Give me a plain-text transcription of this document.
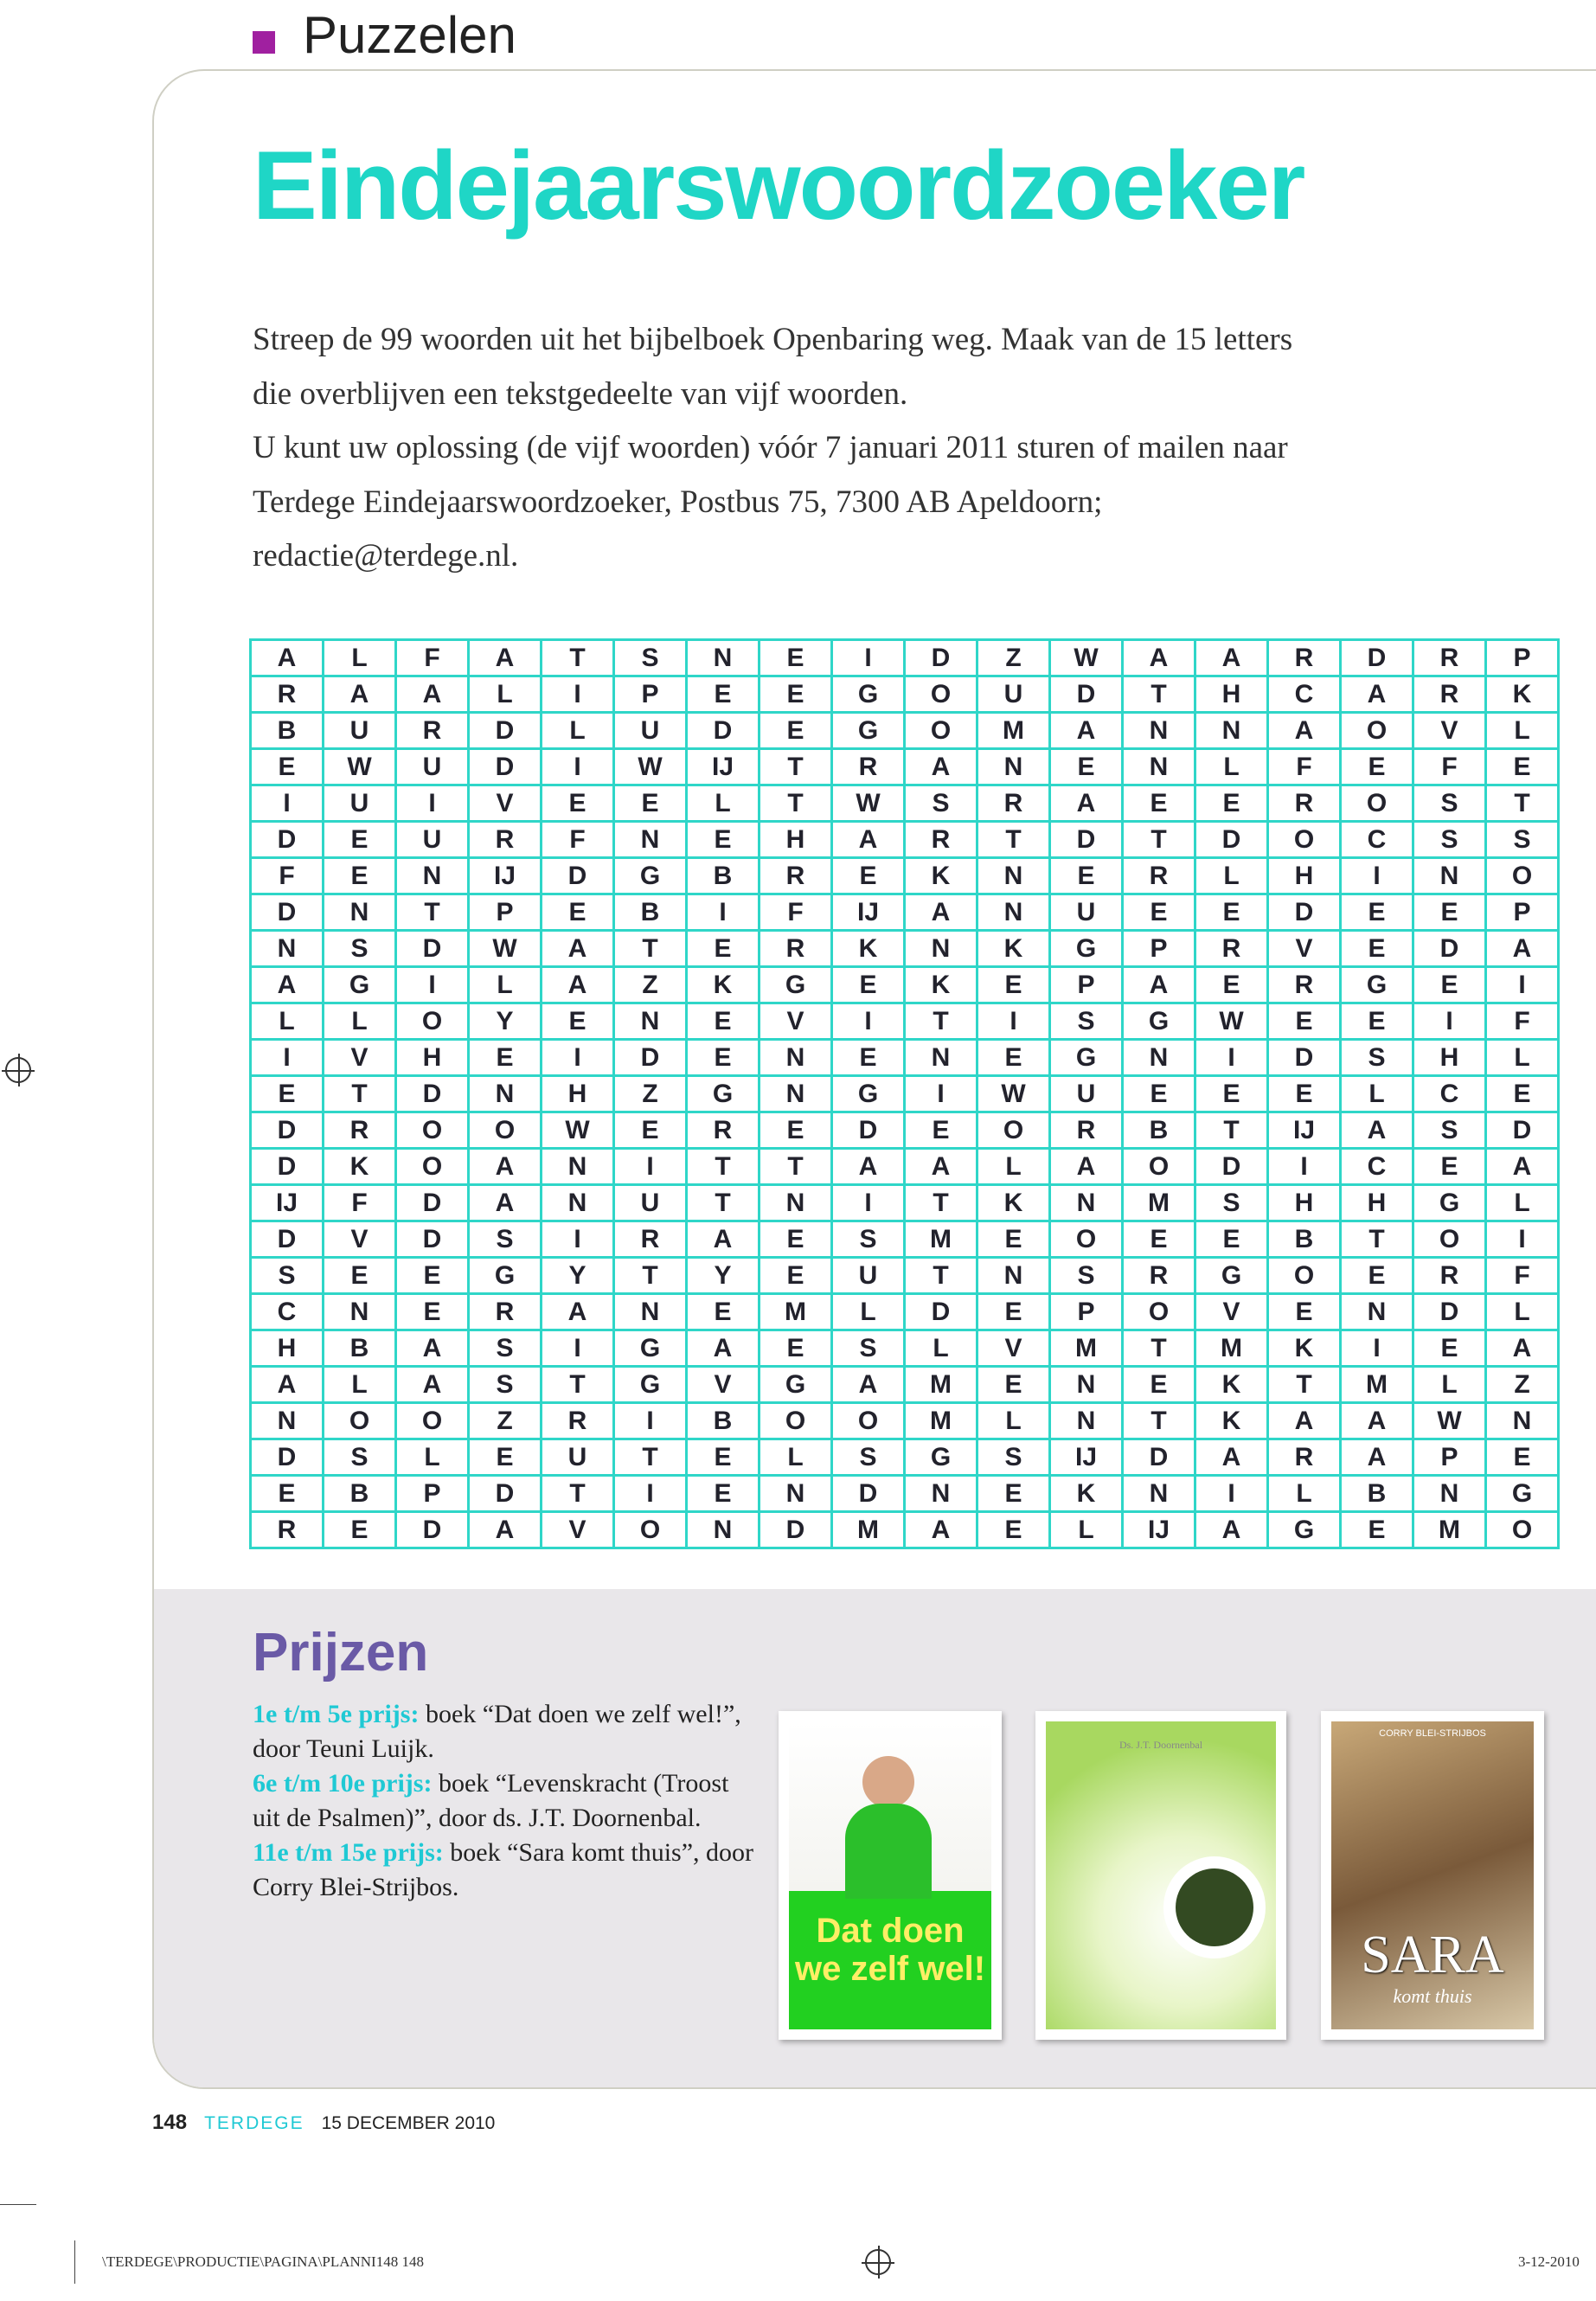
Puzzelen
Eindejaarswoordzoeker
Streep de 99 woorden uit het bijbelboek Openbaring weg. Maak van de 15 letters
die overblijven een tekstgedeelte van vijf woorden.
U kunt uw oplossing (de vijf woorden) vóór 7 januari 2011 sturen of mailen naar
Terdege Eindejaarswoordzoeker, Postbus 75, 7300 AB Apeldoorn;
redactie@terdege.nl.
A	L	F	A	T	S	N	E	I	D	Z	W	A	A	R	D	R	P
R	A	A	L	I	P	E	E	G	O	U	D	T	H	C	A	R	K
B	U	R	D	L	U	D	E	G	O	M	A	N	N	A	O	V	L
E	W	U	D	I	W	IJ	T	R	A	N	E	N	L	F	E	F	E
I	U	I	V	E	E	L	T	W	S	R	A	E	E	R	O	S	T
D	E	U	R	F	N	E	H	A	R	T	D	T	D	O	C	S	S
F	E	N	IJ	D	G	B	R	E	K	N	E	R	L	H	I	N	O
D	N	T	P	E	B	I	F	IJ	A	N	U	E	E	D	E	E	P
N	S	D	W	A	T	E	R	K	N	K	G	P	R	V	E	D	A
A	G	I	L	A	Z	K	G	E	K	E	P	A	E	R	G	E	I
L	L	O	Y	E	N	E	V	I	T	I	S	G	W	E	E	I	F
I	V	H	E	I	D	E	N	E	N	E	G	N	I	D	S	H	L
E	T	D	N	H	Z	G	N	G	I	W	U	E	E	E	L	C	E
D	R	O	O	W	E	R	E	D	E	O	R	B	T	IJ	A	S	D
D	K	O	A	N	I	T	T	A	A	L	A	O	D	I	C	E	A
IJ	F	D	A	N	U	T	N	I	T	K	N	M	S	H	H	G	L
D	V	D	S	I	R	A	E	S	M	E	O	E	E	B	T	O	I
S	E	E	G	Y	T	Y	E	U	T	N	S	R	G	O	E	R	F
C	N	E	R	A	N	E	M	L	D	E	P	O	V	E	N	D	L
H	B	A	S	I	G	A	E	S	L	V	M	T	M	K	I	E	A
A	L	A	S	T	G	V	G	A	M	E	N	E	K	T	M	L	Z
N	O	O	Z	R	I	B	O	O	M	L	N	T	K	A	A	W	N
D	S	L	E	U	T	E	L	S	G	S	IJ	D	A	R	A	P	E
E	B	P	D	T	I	E	N	D	N	E	K	N	I	L	B	N	G
R	E	D	A	V	O	N	D	M	A	E	L	IJ	A	G	E	M	O
Prijzen
1e t/m 5e prijs: boek “Dat doen we zelf wel!”, door Teuni Luijk.
6e t/m 10e prijs: boek “Levenskracht (Troost uit de Psalmen)”, door ds. J.T. Doornenbal.
11e t/m 15e prijs: boek “Sara komt thuis”, door Corry Blei-Strijbos.
Dat doen we zelf wel!
Ds. J.T. Doornenbal
CORRY BLEI-STRIJBOS
SARA
komt thuis
148 TERDEGE 15 DECEMBER 2010
\TERDEGE\PRODUCTIE\PAGINA\PLANNI148 148	3-12-2010
